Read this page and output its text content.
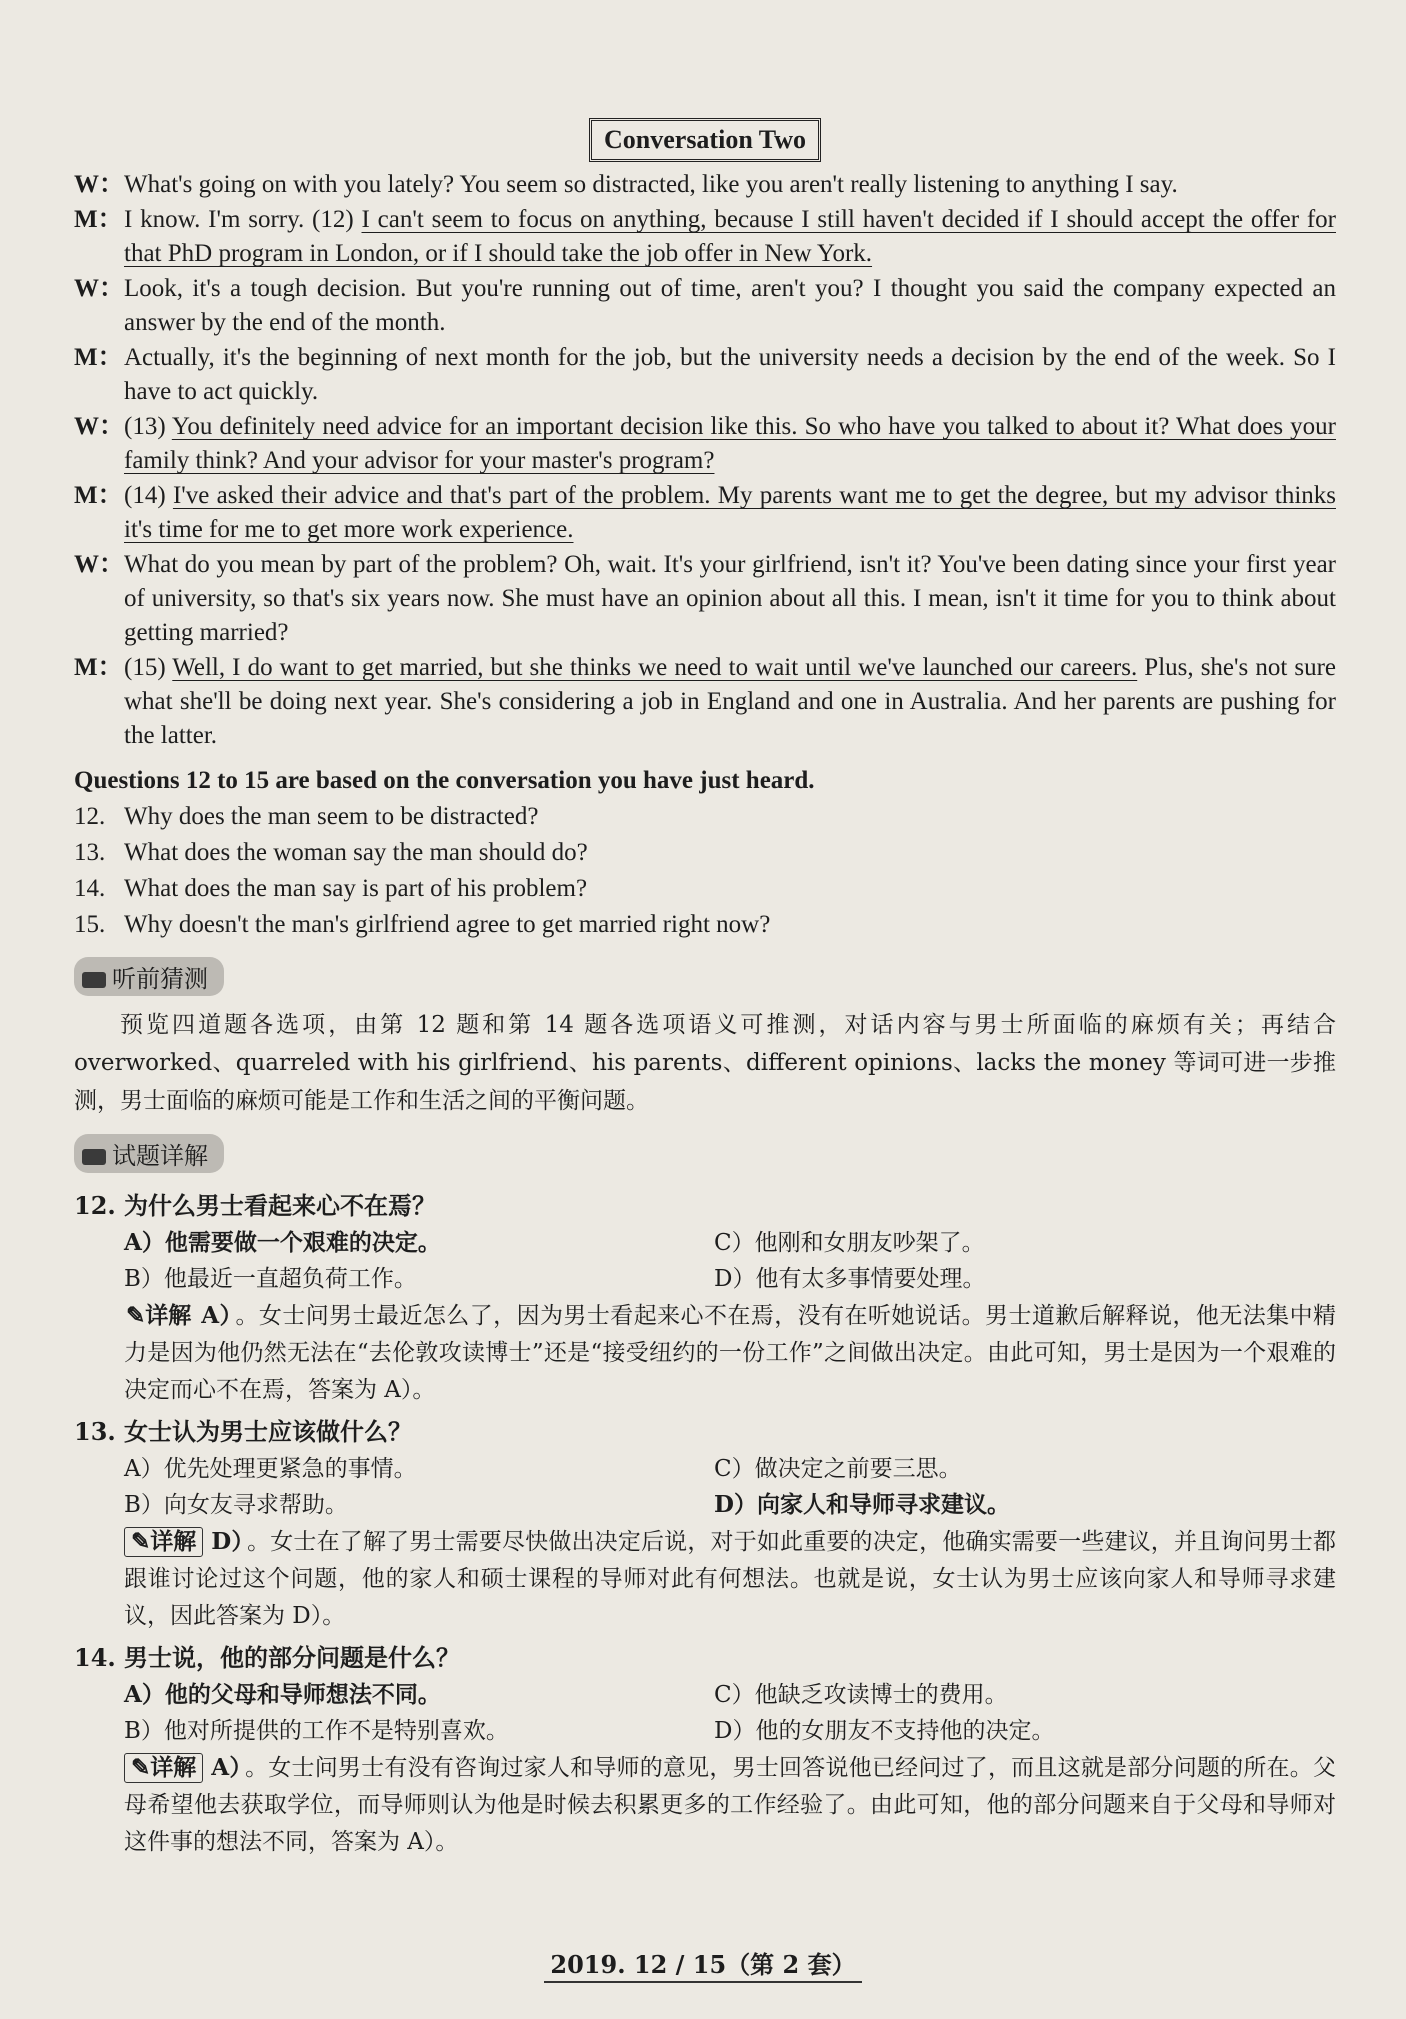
Conversation Two
W： What's going on with you lately? You seem so distracted, like you aren't really listening to anything I say.
M： I know. I'm sorry. (12) I can't seem to focus on anything, because I still haven't decided if I should accept the offer for that PhD program in London, or if I should take the job offer in New York.
W： Look, it's a tough decision. But you're running out of time, aren't you? I thought you said the company expected an answer by the end of the month.
M： Actually, it's the beginning of next month for the job, but the university needs a decision by the end of the week. So I have to act quickly.
W： (13) You definitely need advice for an important decision like this. So who have you talked to about it? What does your family think? And your advisor for your master's program?
M： (14) I've asked their advice and that's part of the problem. My parents want me to get the degree, but my advisor thinks it's time for me to get more work experience.
W： What do you mean by part of the problem? Oh, wait. It's your girlfriend, isn't it? You've been dating since your first year of university, so that's six years now. She must have an opinion about all this. I mean, isn't it time for you to think about getting married?
M： (15) Well, I do want to get married, but she thinks we need to wait until we've launched our careers. Plus, she's not sure what she'll be doing next year. She's considering a job in England and one in Australia. And her parents are pushing for the latter.
Questions 12 to 15 are based on the conversation you have just heard.
12. Why does the man seem to be distracted?
13. What does the woman say the man should do?
14. What does the man say is part of his problem?
15. Why doesn't the man's girlfriend agree to get married right now?
听前猜测
预览四道题各选项，由第 12 题和第 14 题各选项语义可推测，对话内容与男士所面临的麻烦有关；再结合 overworked、quarreled with his girlfriend、his parents、different opinions、lacks the money 等词可进一步推测，男士面临的麻烦可能是工作和生活之间的平衡问题。
试题详解
12. 为什么男士看起来心不在焉？
A）他需要做一个艰难的决定。	C）他刚和女朋友吵架了。
B）他最近一直超负荷工作。	D）他有太多事情要处理。
✎详解 A） 。女士问男士最近怎么了，因为男士看起来心不在焉，没有在听她说话。男士道歉后解释说，他无法集中精力是因为他仍然无法在“去伦敦攻读博士”还是“接受纽约的一份工作”之间做出决定。由此可知，男士是因为一个艰难的决定而心不在焉，答案为 A）。
13. 女士认为男士应该做什么？
A）优先处理更紧急的事情。	C）做决定之前要三思。
B）向女友寻求帮助。	D）向家人和导师寻求建议。
✎详解 D） 。女士在了解了男士需要尽快做出决定后说，对于如此重要的决定，他确实需要一些建议，并且询问男士都跟谁讨论过这个问题，他的家人和硕士课程的导师对此有何想法。也就是说，女士认为男士应该向家人和导师寻求建议，因此答案为 D）。
14. 男士说，他的部分问题是什么？
A）他的父母和导师想法不同。	C）他缺乏攻读博士的费用。
B）他对所提供的工作不是特别喜欢。	D）他的女朋友不支持他的决定。
✎详解 A） 。女士问男士有没有咨询过家人和导师的意见，男士回答说他已经问过了，而且这就是部分问题的所在。父母希望他去获取学位，而导师则认为他是时候去积累更多的工作经验了。由此可知，他的部分问题来自于父母和导师对这件事的想法不同，答案为 A）。
2019. 12 / 15（第 2 套）
